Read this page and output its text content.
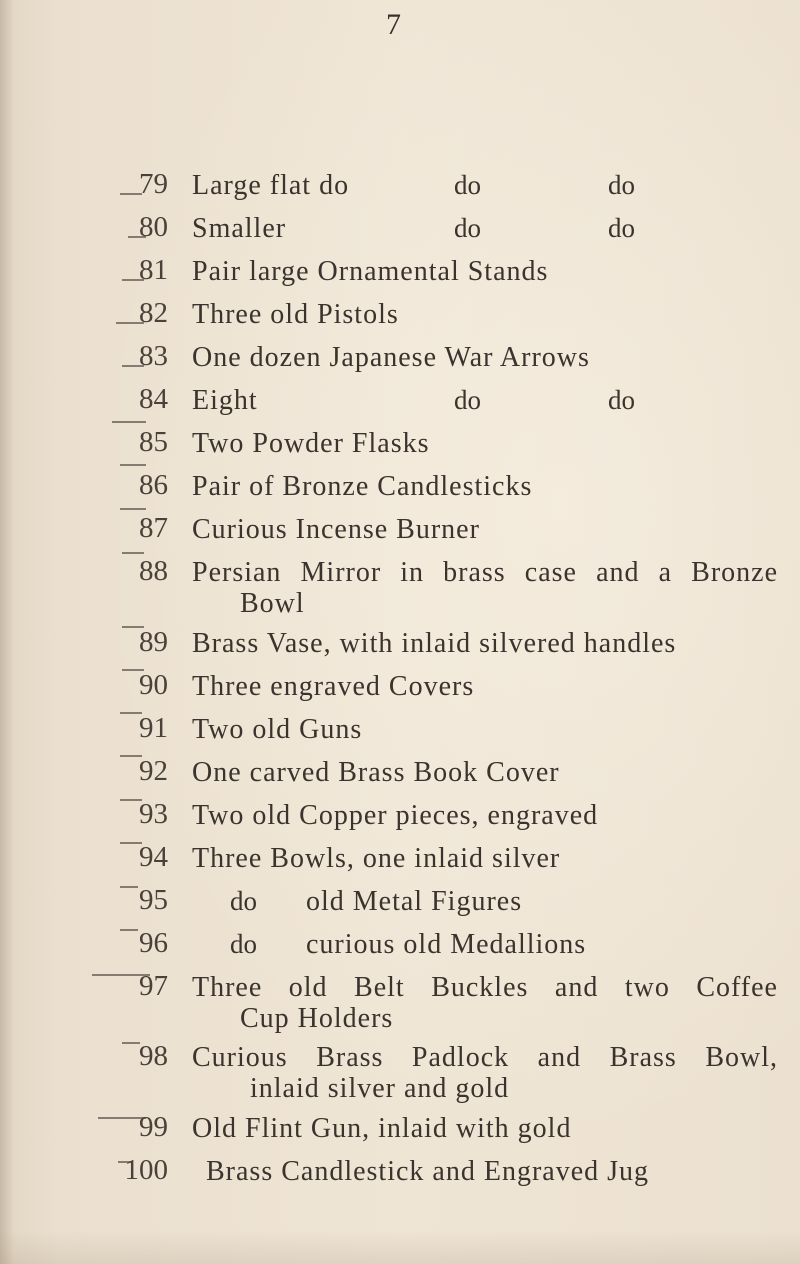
7
79 Large flat do	do	do
80 Smaller	do	do
81 Pair large Ornamental Stands
82 Three old Pistols
83 One dozen Japanese War Arrows
84 Eight	do	do
85 Two Powder Flasks
86 Pair of Bronze Candlesticks
87 Curious Incense Burner
88 Persian Mirror in brass case and a Bronze
Bowl
89 Brass Vase, with inlaid silvered handles
90 Three engraved Covers
91 Two old Guns
92 One carved Brass Book Cover
93 Two old Copper pieces, engraved
94 Three Bowls, one inlaid silver
95 do old Metal Figures
96 do curious old Medallions
97 Three old Belt Buckles and two Coffee
Cup Holders
98 Curious Brass Padlock and Brass Bowl,
inlaid silver and gold
99 Old Flint Gun, inlaid with gold
100 Brass Candlestick and Engraved Jug
